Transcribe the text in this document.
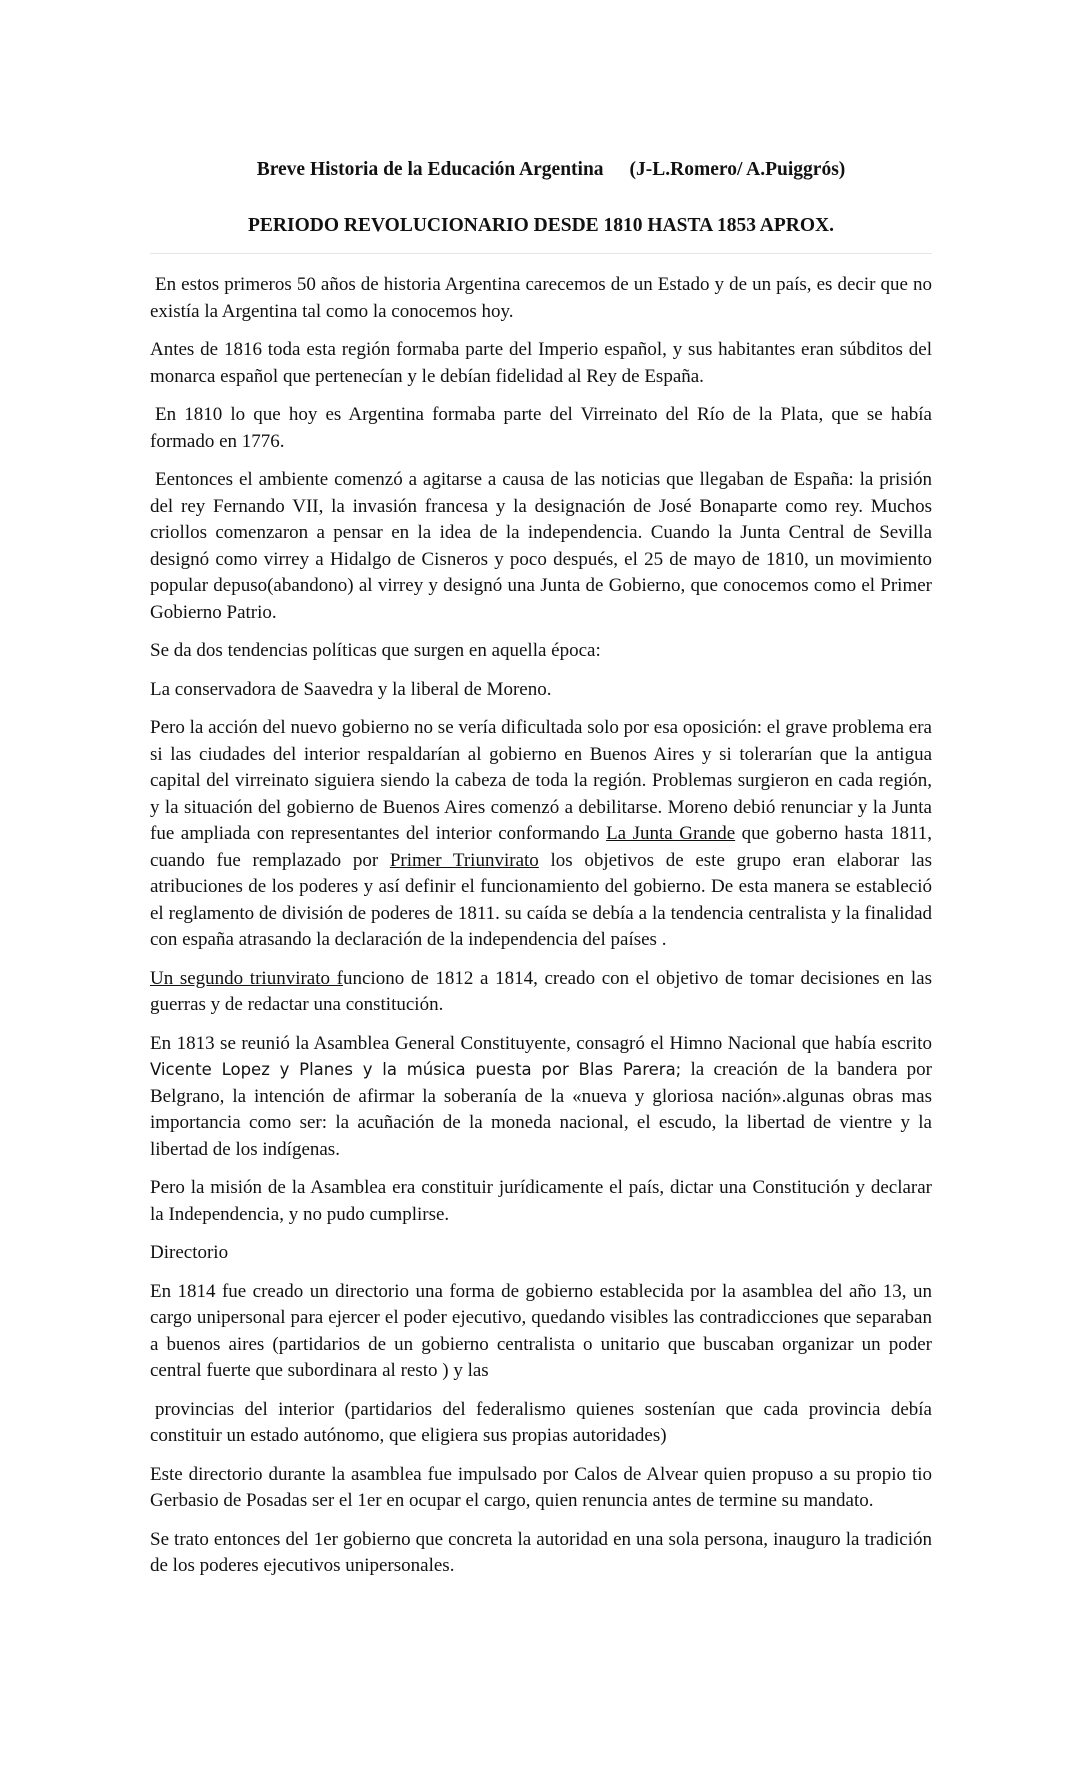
Breve Historia de la Educación Argentina (J-L.Romero/ A.Puiggrós)
PERIODO REVOLUCIONARIO DESDE 1810 HASTA 1853 APROX.

En estos primeros 50 años de historia Argentina carecemos de un Estado y de un país, es decir que no existía la Argentina tal como la conocemos hoy.

Antes de 1816 toda esta región formaba parte del Imperio español, y sus habitantes eran súbditos del monarca español que pertenecían y le debían fidelidad al Rey de España.

En 1810 lo que hoy es Argentina formaba parte del Virreinato del Río de la Plata, que se había formado en 1776.

Eentonces el ambiente comenzó a agitarse a causa de las noticias que llegaban de España: la prisión del rey Fernando VII, la invasión francesa y la designación de José Bonaparte como rey. Muchos criollos comenzaron a pensar en la idea de la independencia. Cuando la Junta Central de Sevilla designó como virrey a Hidalgo de Cisneros y poco después, el 25 de mayo de 1810, un movimiento popular depuso(abandono) al virrey y designó una Junta de Gobierno, que conocemos como el Primer Gobierno Patrio.

Se da dos tendencias políticas que surgen en aquella época:

La conservadora de Saavedra y la liberal de Moreno.

Pero la acción del nuevo gobierno no se vería dificultada solo por esa oposición: el grave problema era si las ciudades del interior respaldarían al gobierno en Buenos Aires y si tolerarían que la antigua capital del virreinato siguiera siendo la cabeza de toda la región. Problemas surgieron en cada región, y la situación del gobierno de Buenos Aires comenzó a debilitarse. Moreno debió renunciar y la Junta fue ampliada con representantes del interior conformando La Junta Grande que goberno hasta 1811, cuando fue remplazado por Primer Triunvirato los objetivos de este grupo eran elaborar las atribuciones de los poderes y así definir el funcionamiento del gobierno. De esta manera se estableció el reglamento de división de poderes de 1811. su caída se debía a la tendencia centralista y la finalidad con españa atrasando la declaración de la independencia del países .

Un segundo triunvirato funciono de 1812 a 1814, creado con el objetivo de tomar decisiones en las guerras y de redactar una constitución.

En 1813 se reunió la Asamblea General Constituyente, consagró el Himno Nacional que había escrito Vicente Lopez y Planes y la música puesta por Blas Parera; la creación de la bandera por Belgrano, la intención de afirmar la soberanía de la «nueva y gloriosa nación».algunas obras mas importancia como ser: la acuñación de la moneda nacional, el escudo, la libertad de vientre y la libertad de los indígenas.

Pero la misión de la Asamblea era constituir jurídicamente el país, dictar una Constitución y declarar la Independencia, y no pudo cumplirse.

Directorio

En 1814 fue creado un directorio una forma de gobierno establecida por la asamblea del año 13, un cargo unipersonal para ejercer el poder ejecutivo, quedando visibles las contradicciones que separaban a buenos aires (partidarios de un gobierno centralista o unitario que buscaban organizar un poder central fuerte que subordinara al resto ) y las

provincias del interior (partidarios del federalismo quienes sostenían que cada provincia debía constituir un estado autónomo, que eligiera sus propias autoridades)

Este directorio durante la asamblea fue impulsado por Calos de Alvear quien propuso a su propio tio Gerbasio de Posadas ser el 1er en ocupar el cargo, quien renuncia antes de termine su mandato.

Se trato entonces del 1er gobierno que concreta la autoridad en una sola persona, inauguro la tradición de los poderes ejecutivos unipersonales.
